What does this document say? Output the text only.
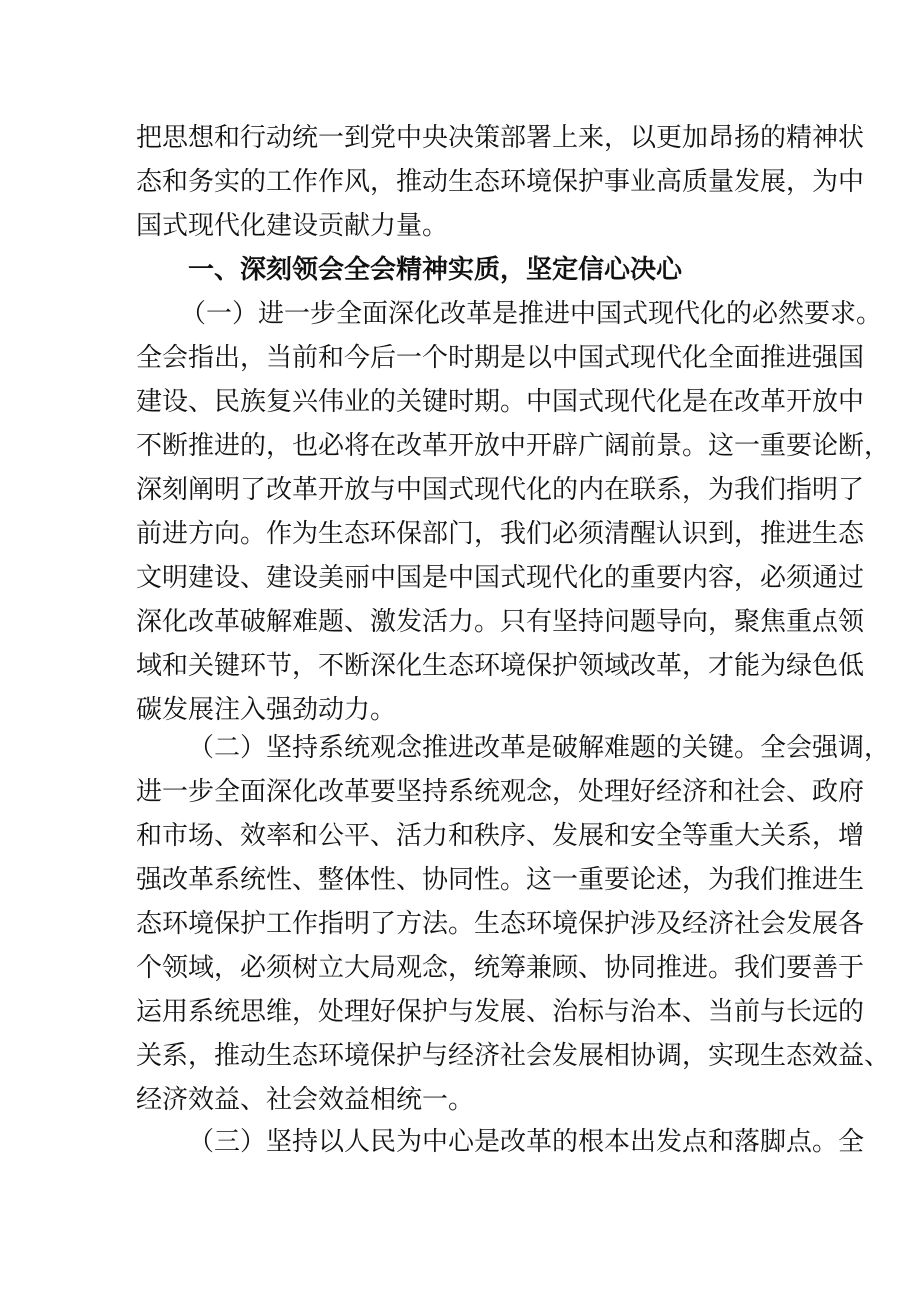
把思想和行动统一到党中央决策部署上来，以更加昂扬的精神状
态和务实的工作作风，推动生态环境保护事业高质量发展，为中
国式现代化建设贡献力量。
一、深刻领会全会精神实质，坚定信心决心
（一）进一步全面深化改革是推进中国式现代化的必然要求。
全会指出，当前和今后一个时期是以中国式现代化全面推进强国
建设、民族复兴伟业的关键时期。中国式现代化是在改革开放中
不断推进的，也必将在改革开放中开辟广阔前景。这一重要论断，
深刻阐明了改革开放与中国式现代化的内在联系，为我们指明了
前进方向。作为生态环保部门，我们必须清醒认识到，推进生态
文明建设、建设美丽中国是中国式现代化的重要内容，必须通过
深化改革破解难题、激发活力。只有坚持问题导向，聚焦重点领
域和关键环节，不断深化生态环境保护领域改革，才能为绿色低
碳发展注入强劲动力。
（二）坚持系统观念推进改革是破解难题的关键。全会强调，
进一步全面深化改革要坚持系统观念，处理好经济和社会、政府
和市场、效率和公平、活力和秩序、发展和安全等重大关系，增
强改革系统性、整体性、协同性。这一重要论述，为我们推进生
态环境保护工作指明了方法。生态环境保护涉及经济社会发展各
个领域，必须树立大局观念，统筹兼顾、协同推进。我们要善于
运用系统思维，处理好保护与发展、治标与治本、当前与长远的
关系，推动生态环境保护与经济社会发展相协调，实现生态效益、
经济效益、社会效益相统一。
（三）坚持以人民为中心是改革的根本出发点和落脚点。全
